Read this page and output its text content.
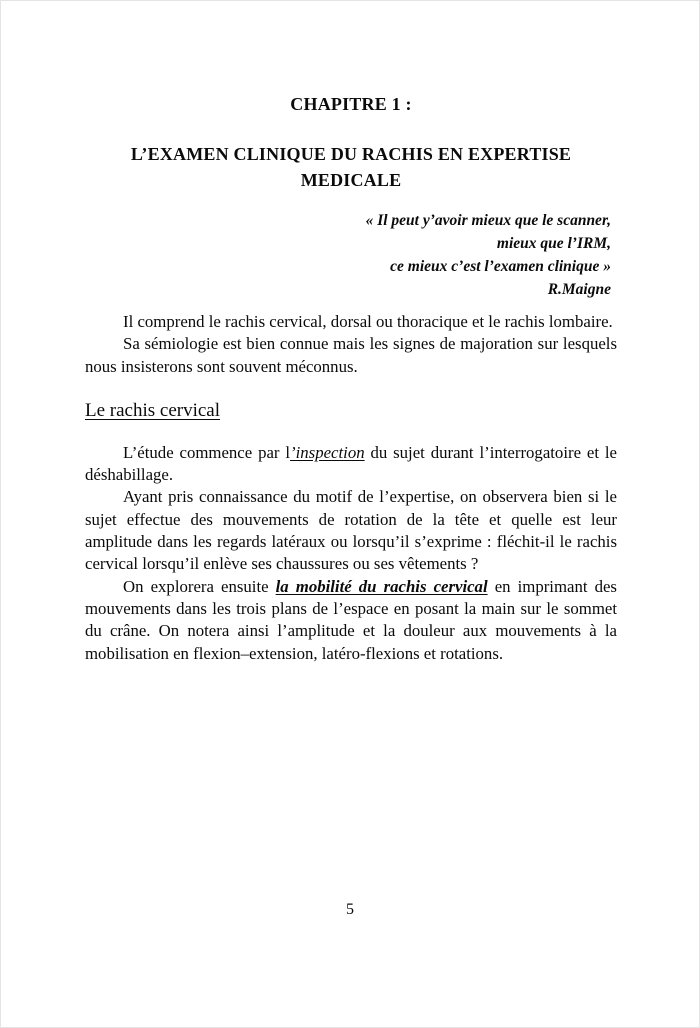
CHAPITRE 1 :
L’EXAMEN CLINIQUE DU RACHIS EN EXPERTISE
MEDICALE
« Il peut y’avoir mieux que le scanner,
mieux que l’IRM,
ce mieux c’est l’examen clinique »
R.Maigne

Il comprend le rachis cervical, dorsal ou thoracique et le rachis lombaire.

Sa sémiologie est bien connue mais les signes de majoration sur lesquels nous insisterons sont souvent méconnus.

Le rachis cervical

L’étude commence par l’inspection du sujet durant l’interrogatoire et le déshabillage.

Ayant pris connaissance du motif de l’expertise, on observera bien si le sujet effectue des mouvements de rotation de la tête et quelle est leur amplitude dans les regards latéraux ou lorsqu’il s’exprime : fléchit-il le rachis cervical lorsqu’il enlève ses chaussures ou ses vêtements ?

On explorera ensuite la mobilité du rachis cervical en imprimant des mouvements dans les trois plans de l’espace en posant la main sur le sommet du crâne. On notera ainsi l’amplitude et la douleur aux mouvements à la mobilisation en flexion–extension, latéro-flexions et rotations.

5
